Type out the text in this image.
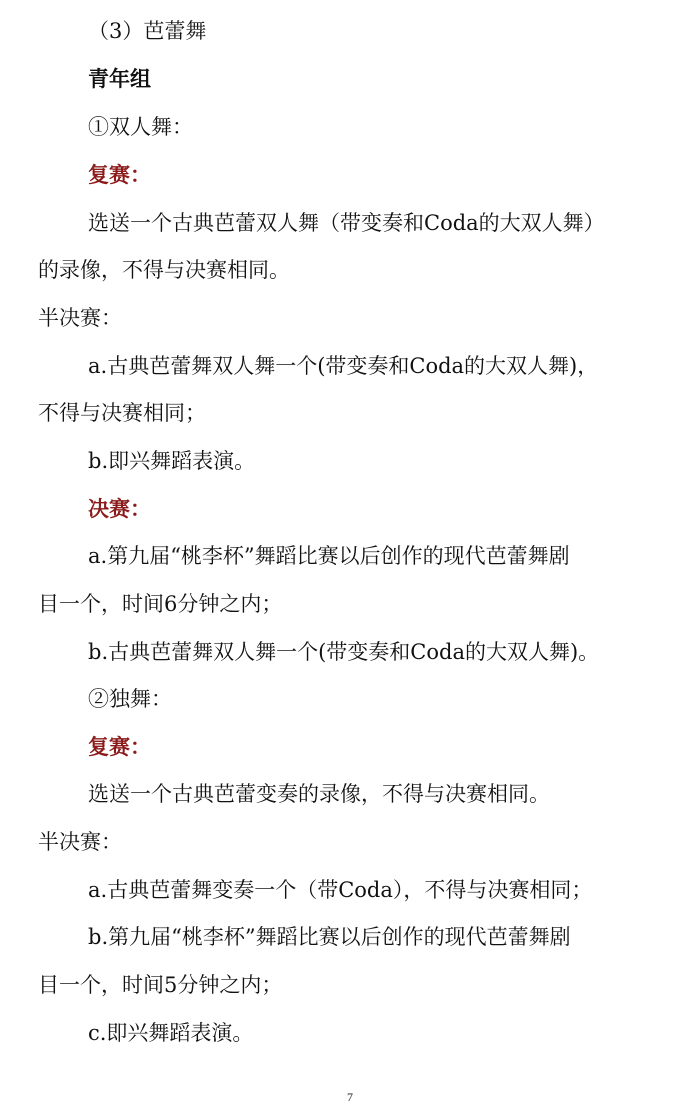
（3）芭蕾舞
青年组
①双人舞：
复赛：
选送一个古典芭蕾双人舞（带变奏和Coda的大双人舞）
的录像，不得与决赛相同。
半决赛：
a.古典芭蕾舞双人舞一个(带变奏和Coda的大双人舞)，
不得与决赛相同；
b.即兴舞蹈表演。
决赛：
a.第九届“桃李杯”舞蹈比赛以后创作的现代芭蕾舞剧
目一个，时间6分钟之内；
b.古典芭蕾舞双人舞一个(带变奏和Coda的大双人舞)。
②独舞：
复赛：
选送一个古典芭蕾变奏的录像，不得与决赛相同。
半决赛：
a.古典芭蕾舞变奏一个（带Coda），不得与决赛相同；
b.第九届“桃李杯”舞蹈比赛以后创作的现代芭蕾舞剧
目一个，时间5分钟之内；
c.即兴舞蹈表演。
7
